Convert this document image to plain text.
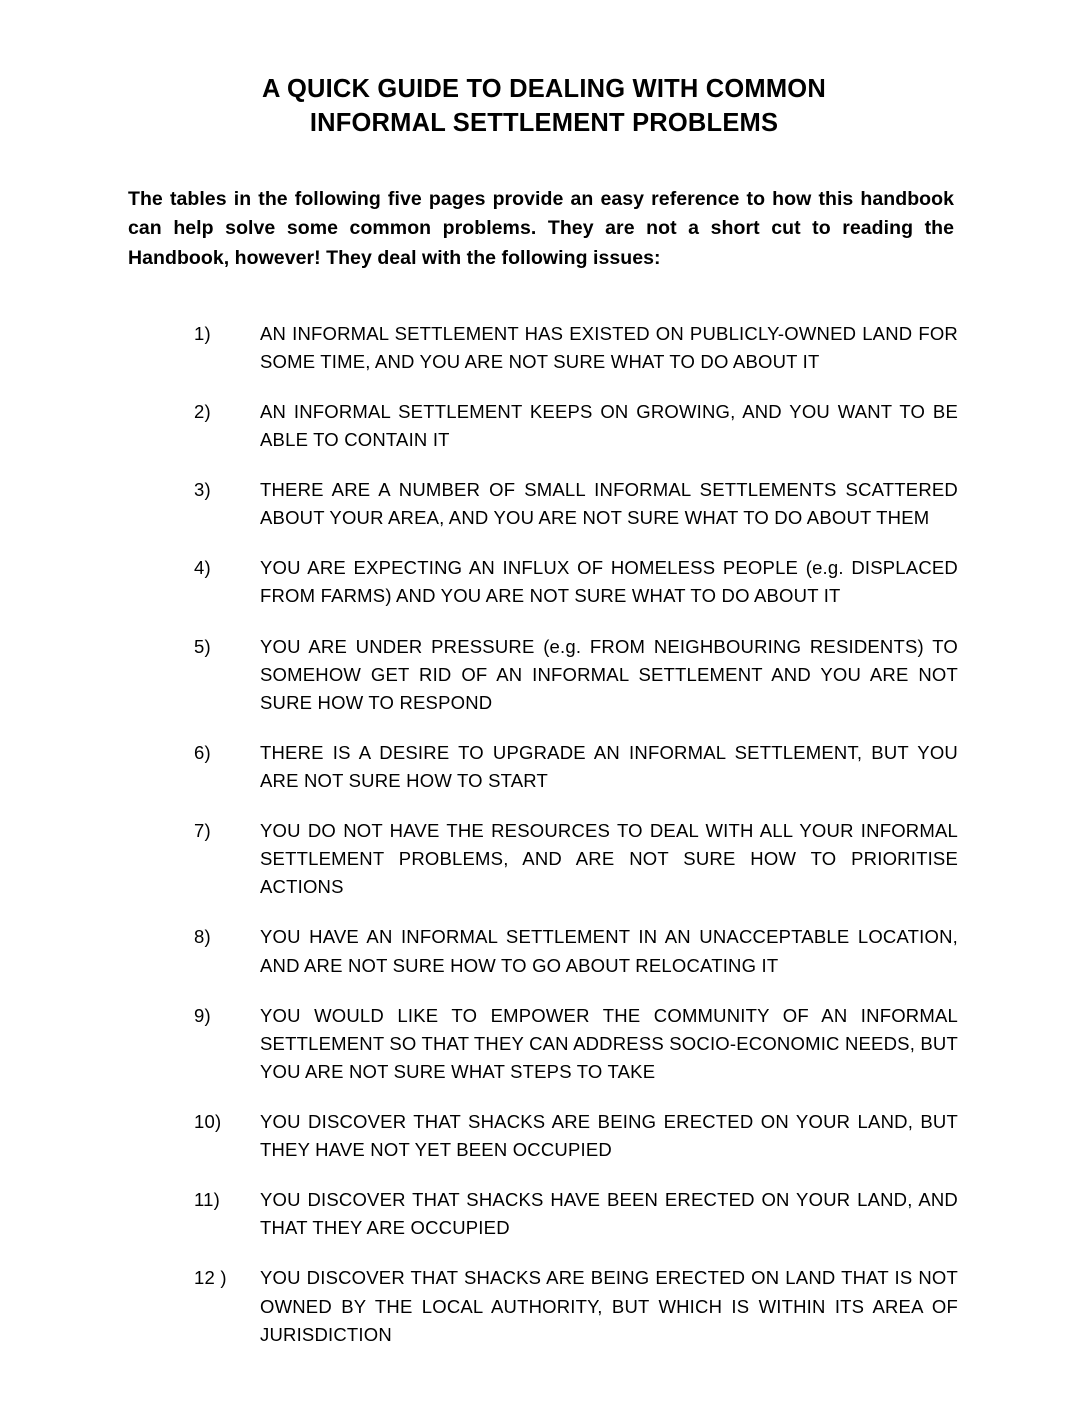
A QUICK GUIDE TO DEALING WITH COMMON
INFORMAL SETTLEMENT PROBLEMS

The tables in the following five pages provide an easy reference to how this handbook can help solve some common problems. They are not a short cut to reading the Handbook, however! They deal with the following issues:

1)	AN INFORMAL SETTLEMENT HAS EXISTED ON PUBLICLY-OWNED LAND FOR SOME TIME, AND YOU ARE NOT SURE WHAT TO DO ABOUT IT
2)	AN INFORMAL SETTLEMENT KEEPS ON GROWING, AND YOU WANT TO BE ABLE TO CONTAIN IT
3)	THERE ARE A NUMBER OF SMALL INFORMAL SETTLEMENTS SCATTERED ABOUT YOUR AREA, AND YOU ARE NOT SURE WHAT TO DO ABOUT THEM
4)	YOU ARE EXPECTING AN INFLUX OF HOMELESS PEOPLE (e.g. DISPLACED FROM FARMS) AND YOU ARE NOT SURE WHAT TO DO ABOUT IT
5)	YOU ARE UNDER PRESSURE (e.g. FROM NEIGHBOURING RESIDENTS) TO SOMEHOW GET RID OF AN INFORMAL SETTLEMENT AND YOU ARE NOT SURE HOW TO RESPOND
6)	THERE IS A DESIRE TO UPGRADE AN INFORMAL SETTLEMENT, BUT YOU ARE NOT SURE HOW TO START
7)	YOU DO NOT HAVE THE RESOURCES TO DEAL WITH ALL YOUR INFORMAL SETTLEMENT PROBLEMS, AND ARE NOT SURE HOW TO PRIORITISE ACTIONS
8)	YOU HAVE AN INFORMAL SETTLEMENT IN AN UNACCEPTABLE LOCATION, AND ARE NOT SURE HOW TO GO ABOUT RELOCATING IT
9)	YOU WOULD LIKE TO EMPOWER THE COMMUNITY OF AN INFORMAL SETTLEMENT SO THAT THEY CAN ADDRESS SOCIO-ECONOMIC NEEDS, BUT YOU ARE NOT SURE WHAT STEPS TO TAKE
10)	YOU DISCOVER THAT SHACKS ARE BEING ERECTED ON YOUR LAND, BUT THEY HAVE NOT YET BEEN OCCUPIED
11)	YOU DISCOVER THAT SHACKS HAVE BEEN ERECTED ON YOUR LAND, AND THAT THEY ARE OCCUPIED
12 )	YOU DISCOVER THAT SHACKS ARE BEING ERECTED ON LAND THAT IS NOT OWNED BY THE LOCAL AUTHORITY, BUT WHICH IS WITHIN ITS AREA OF JURISDICTION
